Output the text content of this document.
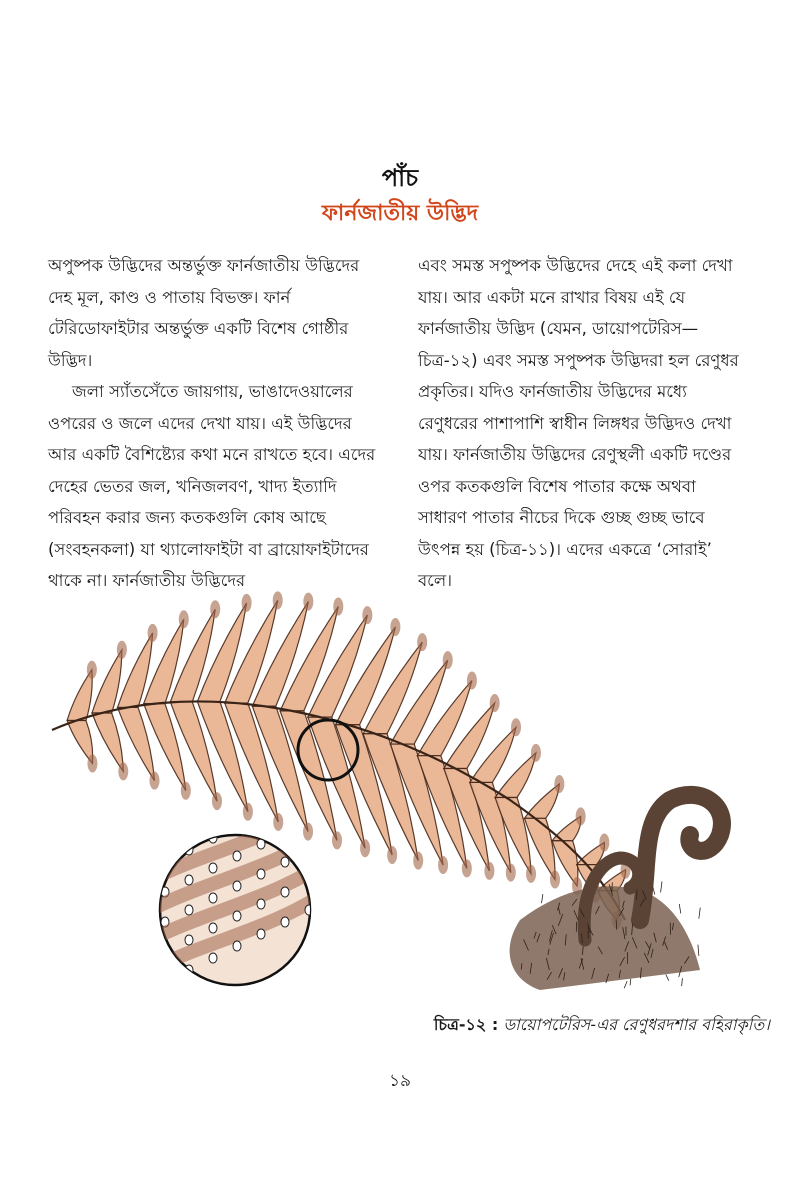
পাঁচ
ফার্নজাতীয় উদ্ভিদ

অপুষ্পক উদ্ভিদের অন্তর্ভুক্ত ফার্নজাতীয় উদ্ভিদের দেহ মূল, কাণ্ড ও পাতায় বিভক্ত। ফার্ন টেরিডোফাইটার অন্তর্ভুক্ত একটি বিশেষ গোষ্ঠীর উদ্ভিদ।

জলা স্যাঁতসেঁতে জায়গায়, ভাঙাদেওয়ালের ওপরের ও জলে এদের দেখা যায়। এই উদ্ভিদের আর একটি বৈশিষ্ট্যের কথা মনে রাখতে হবে। এদের দেহের ভেতর জল, খনিজলবণ, খাদ্য ইত্যাদি পরিবহন করার জন্য কতকগুলি কোষ আছে (সংবহনকলা) যা থ্যালোফাইটা বা ব্রায়োফাইটাদের থাকে না। ফার্নজাতীয় উদ্ভিদের

এবং সমস্ত সপুষ্পক উদ্ভিদের দেহে এই কলা দেখা যায়। আর একটা মনে রাখার বিষয় এই যে ফার্নজাতীয় উদ্ভিদ (যেমন, ডায়োপটেরিস— চিত্র-১২) এবং সমস্ত সপুষ্পক উদ্ভিদরা হল রেণুধর প্রকৃতির। যদিও ফার্নজাতীয় উদ্ভিদের মধ্যে রেণুধরের পাশাপাশি স্বাধীন লিঙ্গধর উদ্ভিদও দেখা যায়। ফার্নজাতীয় উদ্ভিদের রেণুস্থলী একটি দণ্ডের ওপর কতকগুলি বিশেষ পাতার কক্ষে অথবা সাধারণ পাতার নীচের দিকে গুচ্ছ গুচ্ছ ভাবে উৎপন্ন হয় (চিত্র-১১)। এদের একত্রে ‘সোরাই’ বলে।

চিত্র-১২ : ডায়োপটেরিস-এর রেণুধরদশার বহিরাকৃতি।
১৯
